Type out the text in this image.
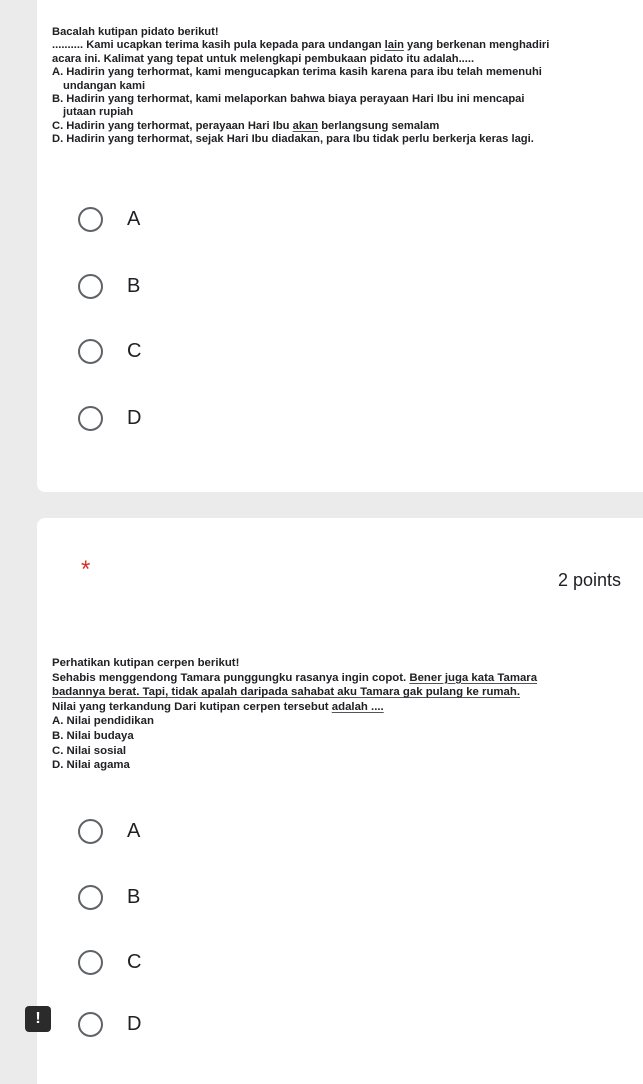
Bacalah kutipan pidato berikut!

.......... Kami ucapkan terima kasih pula kepada para undangan lain yang berkenan menghadiri

acara ini. Kalimat yang tepat untuk melengkapi pembukaan pidato itu adalah.....

A. Hadirin yang terhormat, kami mengucapkan terima kasih karena para ibu telah memenuhi

undangan kami

B. Hadirin yang terhormat, kami melaporkan bahwa biaya perayaan Hari Ibu ini mencapai

jutaan rupiah

C. Hadirin yang terhormat, perayaan Hari Ibu akan berlangsung semalam

D. Hadirin yang terhormat, sejak Hari Ibu diadakan, para Ibu tidak perlu berkerja keras lagi.

A
B
C
D
*	2 points

Perhatikan kutipan cerpen berikut!

Sehabis menggendong Tamara punggungku rasanya ingin copot. Bener juga kata Tamara

badannya berat. Tapi, tidak apalah daripada sahabat aku Tamara gak pulang ke rumah.

Nilai yang terkandung Dari kutipan cerpen tersebut adalah ....

A. Nilai pendidikan

B. Nilai budaya

C. Nilai sosial

D. Nilai agama

A
B
C
D
!
